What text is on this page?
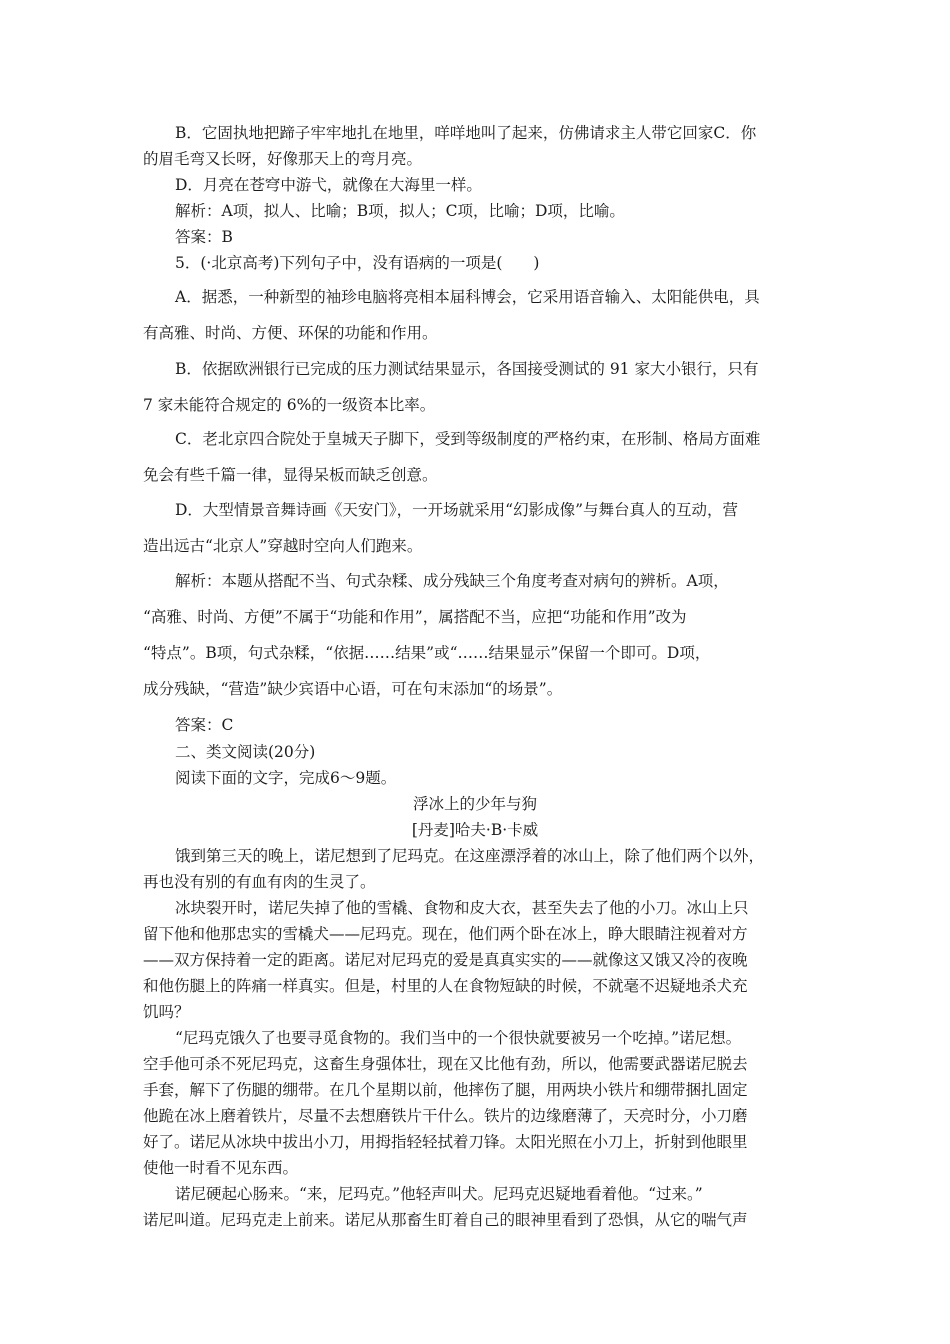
B．它固执地把蹄子牢牢地扎在地里，咩咩地叫了起来，仿佛请求主人带它回家C．你
的眉毛弯又长呀，好像那天上的弯月亮。
D．月亮在苍穹中游弋，就像在大海里一样。
解析：A项，拟人、比喻；B项，拟人；C项，比喻；D项，比喻。
答案：B
5．(·北京高考)下列句子中，没有语病的一项是(　　)
A．据悉，一种新型的袖珍电脑将亮相本届科博会，它采用语音输入、太阳能供电，具
有高雅、时尚、方便、环保的功能和作用。
B．依据欧洲银行已完成的压力测试结果显示，各国接受测试的 91 家大小银行，只有
7 家未能符合规定的 6%的一级资本比率。
C．老北京四合院处于皇城天子脚下，受到等级制度的严格约束，在形制、格局方面难
免会有些千篇一律，显得呆板而缺乏创意。
D．大型情景音舞诗画《天安门》，一开场就采用“幻影成像”与舞台真人的互动，营
造出远古“北京人”穿越时空向人们跑来。
解析：本题从搭配不当、句式杂糅、成分残缺三个角度考查对病句的辨析。A项，
“高雅、时尚、方便”不属于“功能和作用”，属搭配不当，应把“功能和作用”改为
“特点”。B项，句式杂糅，“依据……结果”或“……结果显示”保留一个即可。D项，
成分残缺，“营造”缺少宾语中心语，可在句末添加“的场景”。
答案：C
二、类文阅读(20分)
阅读下面的文字，完成6～9题。
浮冰上的少年与狗
[丹麦]哈夫·B·卡威
饿到第三天的晚上，诺尼想到了尼玛克。在这座漂浮着的冰山上，除了他们两个以外，
再也没有别的有血有肉的生灵了。
冰块裂开时，诺尼失掉了他的雪橇、食物和皮大衣，甚至失去了他的小刀。冰山上只
留下他和他那忠实的雪橇犬——尼玛克。现在，他们两个卧在冰上，睁大眼睛注视着对方
——双方保持着一定的距离。诺尼对尼玛克的爱是真真实实的——就像这又饿又冷的夜晚
和他伤腿上的阵痛一样真实。但是，村里的人在食物短缺的时候，不就毫不迟疑地杀犬充
饥吗？
“尼玛克饿久了也要寻觅食物的。我们当中的一个很快就要被另一个吃掉。”诺尼想。
空手他可杀不死尼玛克，这畜生身强体壮，现在又比他有劲，所以，他需要武器诺尼脱去
手套，解下了伤腿的绷带。在几个星期以前，他摔伤了腿，用两块小铁片和绷带捆扎固定
他跪在冰上磨着铁片，尽量不去想磨铁片干什么。铁片的边缘磨薄了，天亮时分，小刀磨
好了。诺尼从冰块中拔出小刀，用拇指轻轻拭着刀锋。太阳光照在小刀上，折射到他眼里
使他一时看不见东西。
诺尼硬起心肠来。“来，尼玛克。”他轻声叫犬。尼玛克迟疑地看着他。“过来。”
诺尼叫道。尼玛克走上前来。诺尼从那畜生盯着自己的眼神里看到了恐惧，从它的喘气声
